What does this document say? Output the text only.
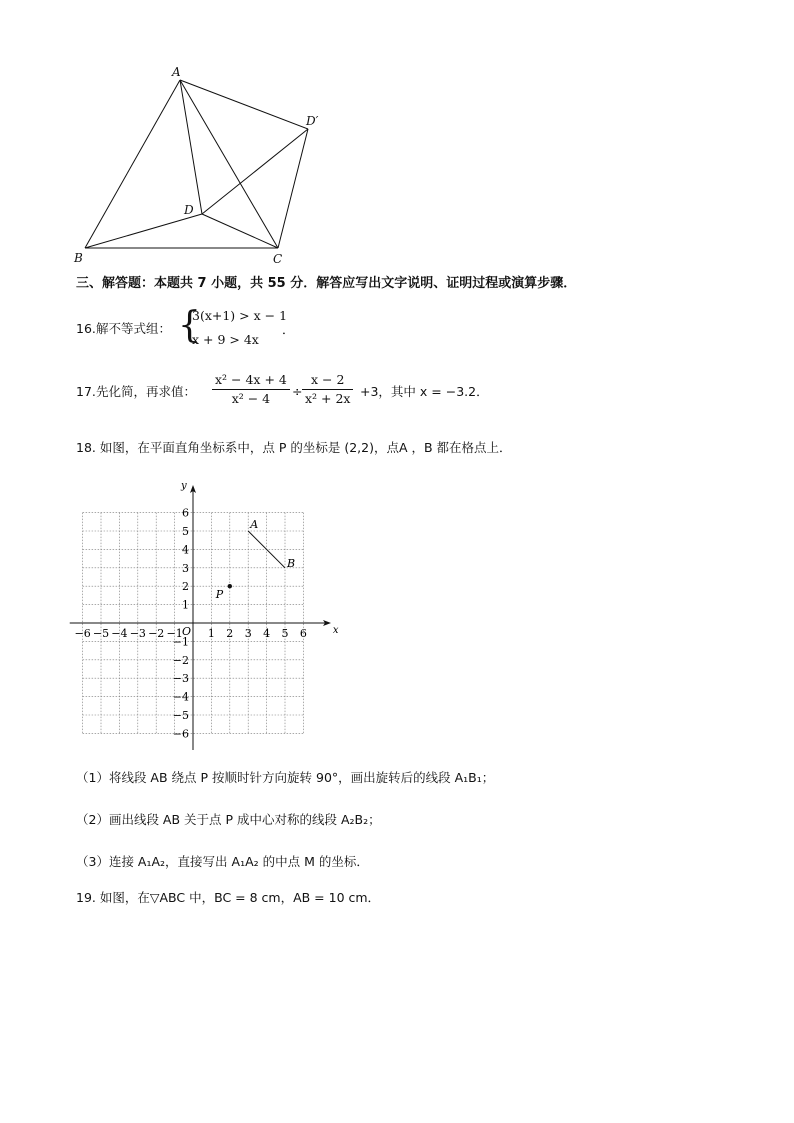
A
B	C
D
D′
三、解答题：本题共 7 小题，共 55 分．解答应写出文字说明、证明过程或演算步骤．
16. 解不等式组： {
3(x+1) > x − 1
x + 9 > 4x
．
17. 先化简，再求值： $\frac{\text{x² − 4x + 4}}{\text{x² − 4}} \div \frac{x - 2}{\text{x² + 2x}} +3$，其中 x = −3.2．
18. 如图，在平面直角坐标系中，点 P 的坐标是 (2,2)，点A ，B 都在格点上．
x
y
O
−6 −5 −4 −3 −2 −1 1 2 3 4 5 6
6
5
4
3
2
1
−1
−2
−3
−4
−5
−6
A
B
P
（1）将线段 AB 绕点 P 按顺时针方向旋转 90°，画出旋转后的线段 A₁B₁；
（2）画出线段 AB 关于点 P 成中心对称的线段 A₂B₂；
（3）连接 A₁A₂，直接写出 A₁A₂ 的中点 M 的坐标．
19. 如图，在▽ABC 中，BC = 8 cm，AB = 10 cm．
